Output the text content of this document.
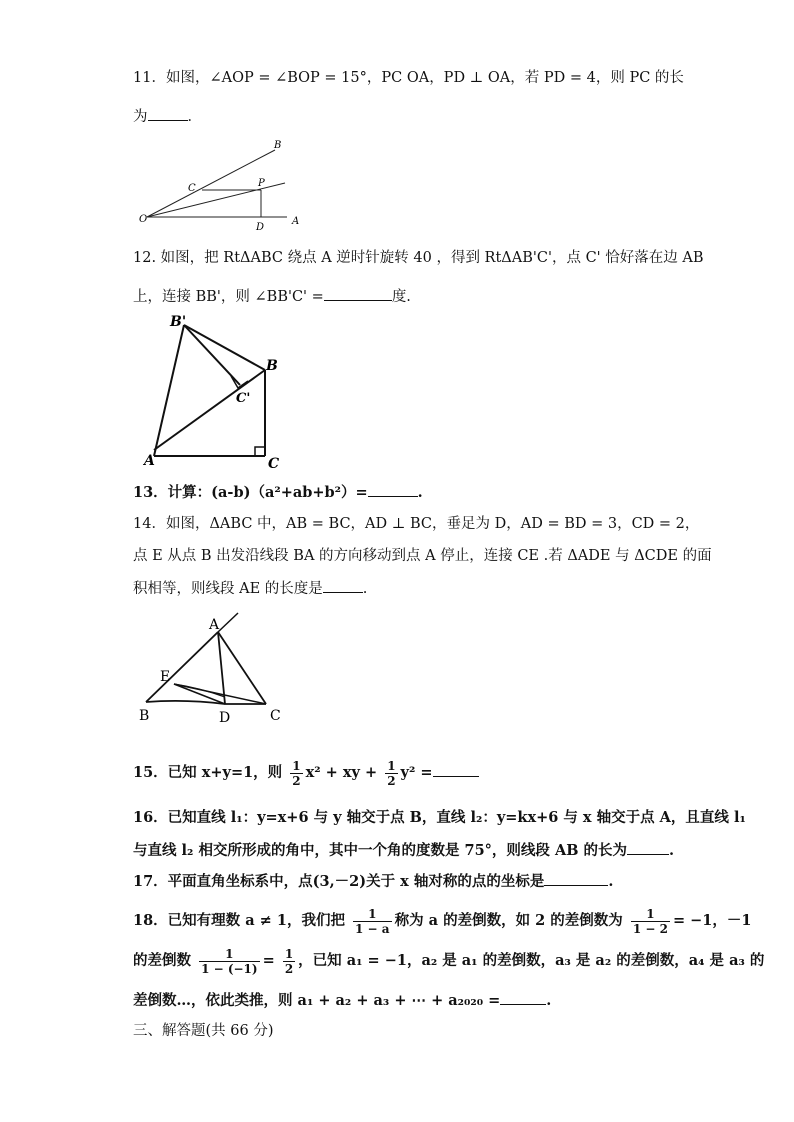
11．如图，∠AOP = ∠BOP = 15°，PC OA，PD ⊥ OA，若 PD = 4，则 PC 的长
为	．
O	A
B
C	P
D
12. 如图，把 RtΔABC 绕点 A 逆时针旋转 40 ，得到 RtΔAB'C'，点 C' 恰好落在边 AB
上，连接 BB'，则 ∠BB'C' =	度.
B'
B
C'
A	C
13．计算：(a-b)（a²+ab+b²）=	.
14．如图，ΔABC 中，AB = BC，AD ⊥ BC，垂足为 D，AD = BD = 3，CD = 2，
点 E 从点 B 出发沿线段 BA 的方向移动到点 A 停止，连接 CE .若 ΔADE 与 ΔCDE 的面
积相等，则线段 AE 的长度是	.
A
E
B	D	C
15．已知 x+y=1，则 $\frac{1}{2} x^2$ + xy + $\frac{1}{2} y^2$ =
16．已知直线 l₁：y=x+6 与 y 轴交于点 B，直线 l₂：y=kx+6 与 x 轴交于点 A，且直线 l₁
与直线 l₂ 相交所形成的角中，其中一个角的度数是 75°，则线段 AB 的长为	.
17．平面直角坐标系中，点(3,－2)关于 x 轴对称的点的坐标是	.
18．已知有理数 a ≠ 1，我们把 $\frac{1}{1 - a}$ 称为 a 的差倒数，如 2 的差倒数为 $\frac{1}{1 - 2} = -1$，－1
的差倒数 $\frac{1}{1 - (-1)} = \frac{1}{2}$ ，已知 a₁ = −1，a₂ 是 a₁ 的差倒数，a₃ 是 a₂ 的差倒数，a₄ 是 a₃ 的
差倒数…，依此类推，则 a₁ + a₂ + a₃ + ⋯ + a₂₀₂₀ =	.
三、解答题(共 66 分)
